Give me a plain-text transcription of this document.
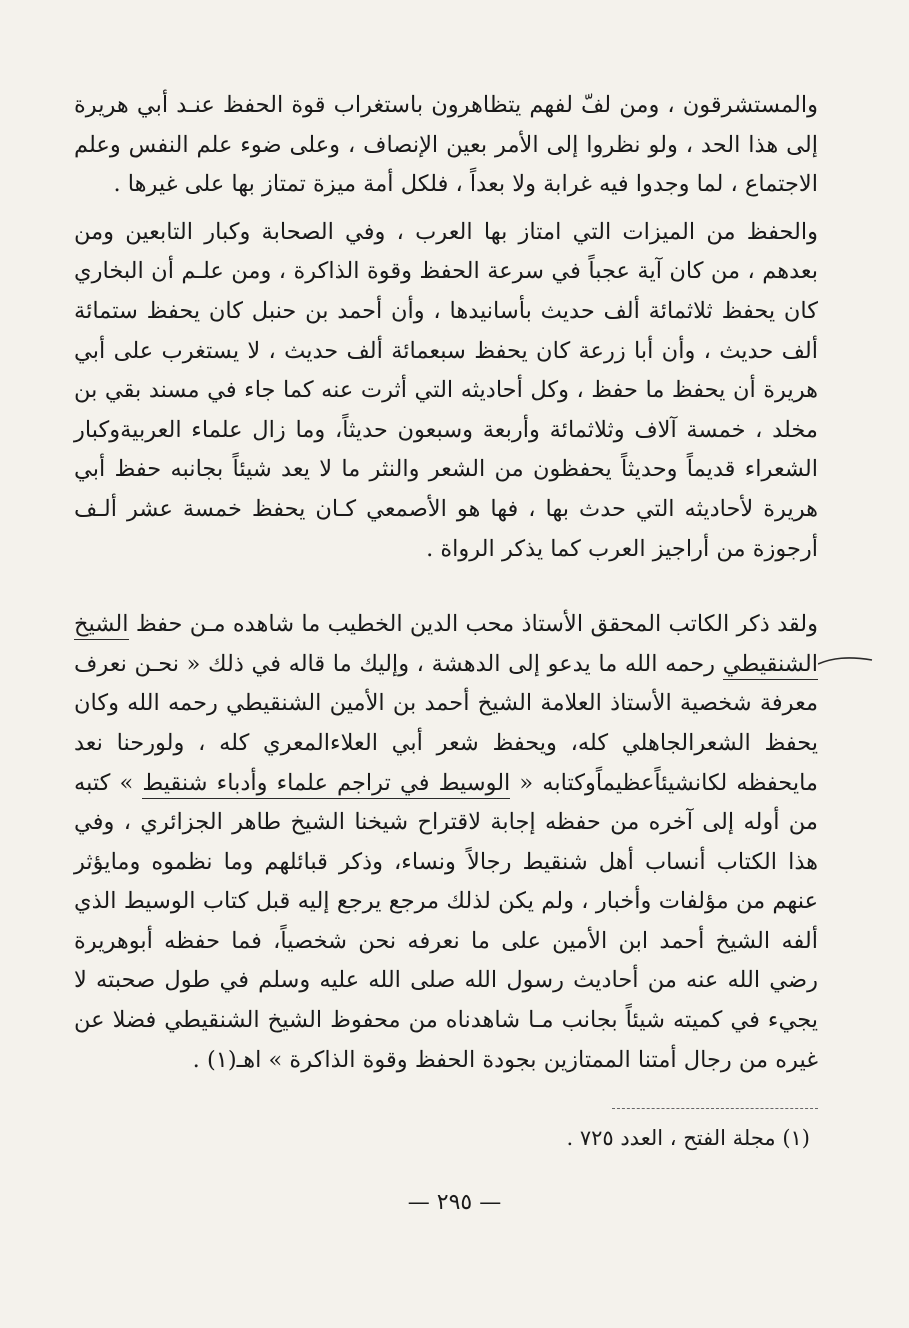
والمستشرقون ، ومن لفّ لفهم يتظاهرون باستغراب قوة الحفظ عنـد أبي هريرة إلى هذا الحد ، ولو نظروا إلى الأمر بعين الإنصاف ، وعلى ضوء علم النفس وعلم الاجتماع ، لما وجدوا فيه غرابة ولا بعداً ، فلكل أمة ميزة تمتاز بها على غيرها .

والحفظ من الميزات التي امتاز بها العرب ، وفي الصحابة وكبار التابعين ومن بعدهم ، من كان آية عجباً في سرعة الحفظ وقوة الذاكرة ، ومن علـم أن البخاري كان يحفظ ثلاثمائة ألف حديث بأسانيدها ، وأن أحمد بن حنبل كان يحفظ ستمائة ألف حديث ، وأن أبا زرعة كان يحفظ سبعمائة ألف حديث ، لا يستغرب على أبي هريرة أن يحفظ ما حفظ ، وكل أحاديثه التي أثرت عنه كما جاء في مسند بقي بن مخلد ، خمسة آلاف وثلاثمائة وأربعة وسبعون حديثاً، وما زال علماء العربيةوكبار الشعراء قديماً وحديثاً يحفظون من الشعر والنثر ما لا يعد شيئاً بجانبه حفظ أبي هريرة لأحاديثه التي حدث بها ، فها هو الأصمعي كـان يحفظ خمسة عشر ألـف أرجوزة من أراجيز العرب كما يذكر الرواة .

ولقد ذكر الكاتب المحقق الأستاذ محب الدين الخطيب ما شاهده مـن حفظ الشيخ الشنقيطي رحمه الله ما يدعو إلى الدهشة ، وإليك ما قاله في ذلك « نحـن نعرف معرفة شخصية الأستاذ العلامة الشيخ أحمد بن الأمين الشنقيطي رحمه الله وكان يحفظ الشعرالجاهلي كله، ويحفظ شعر أبي العلاءالمعري كله ، ولورحنا نعد مايحفظه لكانشيئاًعظيماًوكتابه « الوسيط في تراجم علماء وأدباء شنقيط » كتبه من أوله إلى آخره من حفظه إجابة لاقتراح شيخنا الشيخ طاهر الجزائري ، وفي هذا الكتاب أنساب أهل شنقيط رجالاً ونساء، وذكر قبائلهم وما نظموه ومايؤثر عنهم من مؤلفات وأخبار ، ولم يكن لذلك مرجع يرجع إليه قبل كتاب الوسيط الذي ألفه الشيخ أحمد ابن الأمين على ما نعرفه نحن شخصياً، فما حفظه أبوهريرة رضي الله عنه من أحاديث رسول الله صلى الله عليه وسلم في طول صحبته لا يجيء في كميته شيئاً بجانب مـا شاهدناه من محفوظ الشيخ الشنقيطي فضلا عن غيره من رجال أمتنا الممتازين بجودة الحفظ وقوة الذاكرة » اهـ(١) .

(١) مجلة الفتح ، العدد ٧٢٥ .
— ٢٩٥ —
